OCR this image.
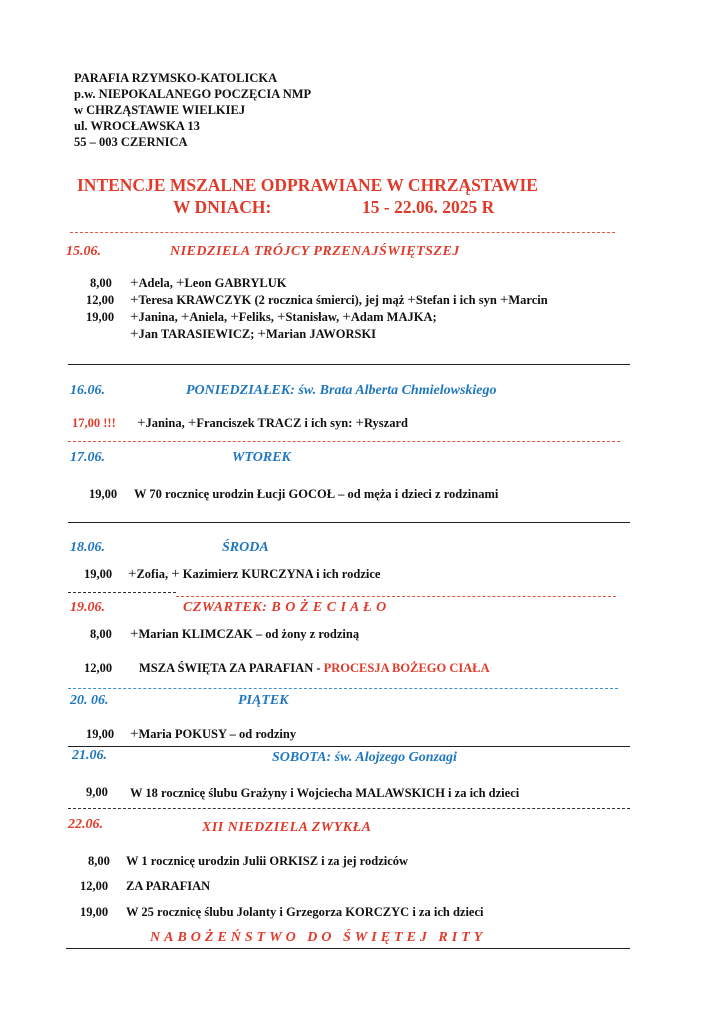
PARAFIA RZYMSKO-KATOLICKA
p.w. NIEPOKALANEGO POCZĘCIA NMP
w CHRZĄSTAWIE WIELKIEJ
ul. WROCŁAWSKA 13
55 – 003 CZERNICA
INTENCJE MSZALNE ODPRAWIANE W CHRZĄSTAWIE
W DNIACH:	15 - 22.06. 2025 R
15.06.	NIEDZIELA TRÓJCY PRZENAJŚWIĘTSZEJ
8,00 +Adela, +Leon GABRYLUK
12,00 +Teresa KRAWCZYK (2 rocznica śmierci), jej mąż +Stefan i ich syn +Marcin
19,00 +Janina, +Aniela, +Feliks, +Stanisław, +Adam MAJKA;
+Jan TARASIEWICZ; +Marian JAWORSKI
16.06.	PONIEDZIAŁEK: św. Brata Alberta Chmielowskiego
17,00 !!! +Janina, +Franciszek TRACZ i ich syn: +Ryszard
17.06.	WTOREK
19,00 W 70 rocznicę urodzin Łucji GOCOŁ – od męża i dzieci z rodzinami
18.06.	ŚRODA
19,00 +Zofia, + Kazimierz KURCZYNA i ich rodzice
19.06.	CZWARTEK: B O Ż E C I A Ł O
8,00 +Marian KLIMCZAK – od żony z rodziną
12,00 MSZA ŚWIĘTA ZA PARAFIAN - PROCESJA BOŻEGO CIAŁA
20. 06.	PIĄTEK
19,00 +Maria POKUSY – od rodziny
21.06.	SOBOTA: św. Alojzego Gonzagi
9,00 W 18 rocznicę ślubu Grażyny i Wojciecha MALAWSKICH i za ich dzieci
22.06.	XII NIEDZIELA ZWYKŁA
8,00 W 1 rocznicę urodzin Julii ORKISZ i za jej rodziców
12,00 ZA PARAFIAN
19,00 W 25 rocznicę ślubu Jolanty i Grzegorza KORCZYC i za ich dzieci
NABOŻEŃSTWO DO ŚWIĘTEJ RITY
